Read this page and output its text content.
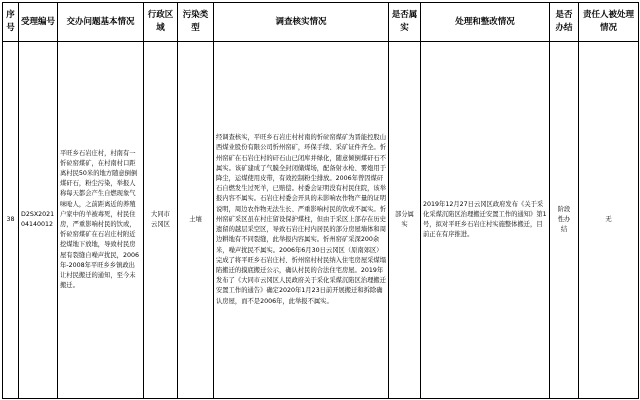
序号	受理编号	交办问题基本情况	行政区域	污染类型	调查核实情况	是否属实	处理和整改情况	是否办结	责任人被处理情况
38	D2SX202104140012	平旺乡石岩庄村，村南有一忻砬窑煤矿，在村南村口距离村民50米的地方随意倒倒煤矸石，粉尘污染，举报人称每天都会产生自燃现象气味呛人，之前距离近的养殖户家中的羊被毒死，村民住房，严重影响村民的饮或，忻砬窑煤矿在石岩庄村附近挖煤地下放地，导致村民房屋有裂缝自噪声扰民，2006年-2008年平旺乡乡镇政出让村民搬迁的通知，至今未搬迁。	大同市云冈区	土壤	经调查核实，平旺乡石岩庄村村南的忻砬窑煤矿为晋能控股山西煤业股份有限公司忻州窑矿，环保手续、采矿证件齐全。忻州窑矿在石岩庄村的矸石山已闭库并绿化，随意倾倒煤矸石不属实。该矿建成了气膜全封闭储煤场，配备射水枪、雾炮用于降尘，运煤使用皮带，有效控制粉尘排放。2006年曾因煤矸石自燃发生过死羊，已赔偿。村委会证明没有村民住院，该举报内容不属实。石岩庄村委会开具的未影响农作物产量的证明说明，周边农作物无法生长、严重影响村民的饮或不属实。忻州窑矿采区虽在村庄留设保护煤柱，但由于采区上部存在历史遗留的越层采空区，导致石岩庄村内居民的部分房屋墙体和周边耕地有不同裂缝，此举报内容属实。忻州窑矿采深200余米，噪声扰民不属实。2006年6月30日云冈区（原南郊区）完成了将平旺乡石岩庄村、忻州窑村村民纳入住宅房屋采煤塌陷搬迁的摸底搬迁公示，确认村民的合法住宅房屋。2019年发布了《大同市云冈区人民政府关于采化采煤沉陷区治理搬迁安置工作的通告》确定2020年1月23日前开展搬迁和拆除确认房屋，而不是2006年，此举报不属实。	部分属实	2019年12月27日云冈区政府发布《关于采化采煤沉陷区治理搬迁安置工作的通知》第1号，拟对平旺乡石岩庄村实施整体搬迁，目前正在有序推进。	阶段性办结	无
